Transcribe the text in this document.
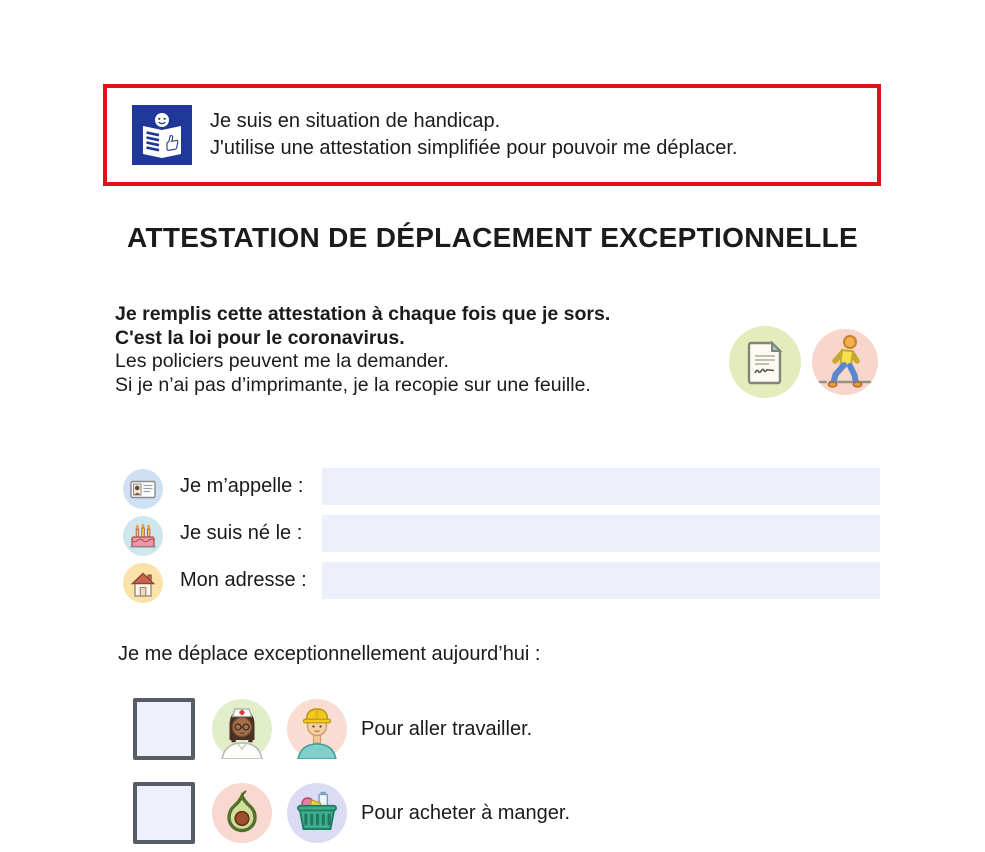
Je suis en situation de handicap.
J'utilise une attestation simplifiée pour pouvoir me déplacer.
ATTESTATION DE DÉPLACEMENT EXCEPTIONNELLE
Je remplis cette attestation à chaque fois que je sors.
C'est la loi pour le coronavirus.
Les policiers peuvent me la demander.
Si je n’ai pas d’imprimante, je la recopie sur une feuille.
Je m’appelle :
Je suis né le :
Mon adresse :
Je me déplace exceptionnellement aujourd’hui :
Pour aller travailler.
Pour acheter à manger.
